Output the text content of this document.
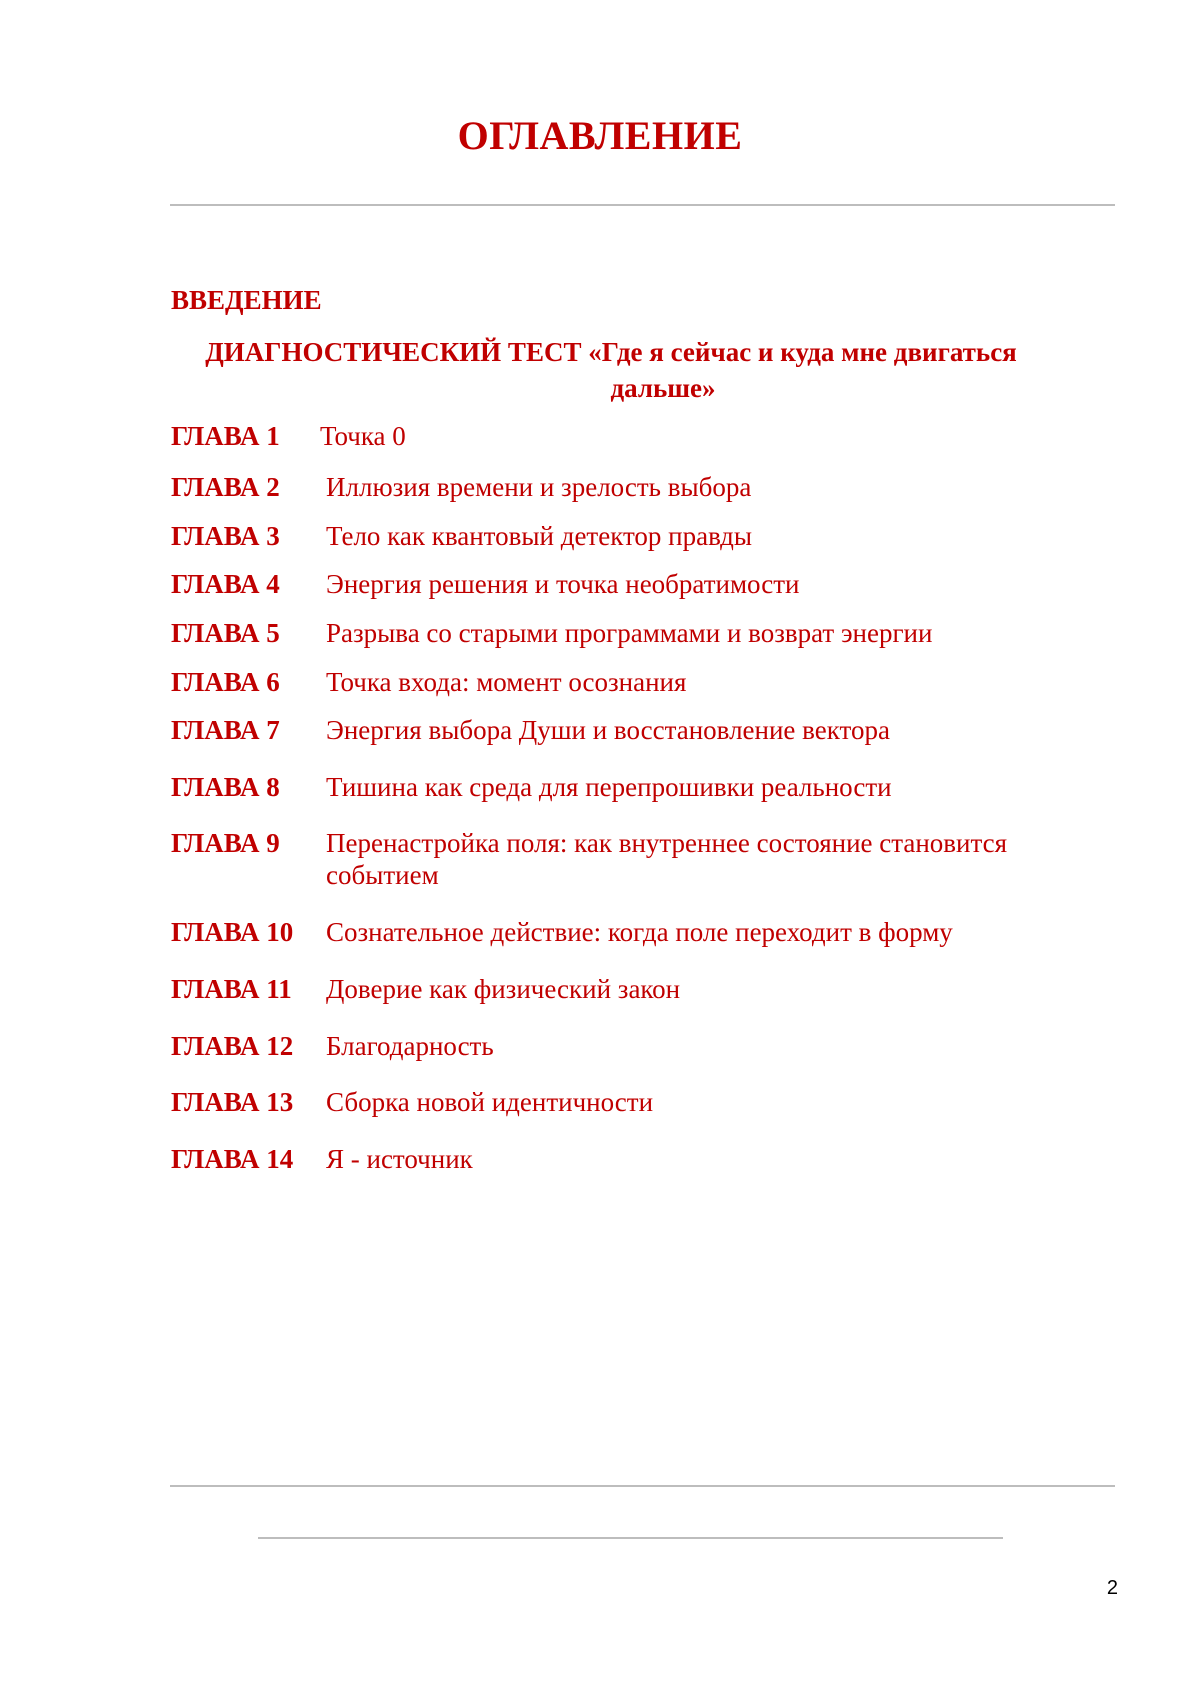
ОГЛАВЛЕНИЕ
ВВЕДЕНИЕ
ДИАГНОСТИЧЕСКИЙ ТЕСТ «Где я сейчас и куда мне двигаться
дальше»
ГЛАВА 1 Точка 0
ГЛАВА 2 Иллюзия времени и зрелость выбора
ГЛАВА 3 Тело как квантовый детектор правды
ГЛАВА 4 Энергия решения и точка необратимости
ГЛАВА 5 Разрыва со старыми программами и возврат энергии
ГЛАВА 6 Точка входа: момент осознания
ГЛАВА 7 Энергия выбора Души и восстановление вектора
ГЛАВА 8 Тишина как среда для перепрошивки реальности
ГЛАВА 9 Перенастройка поля: как внутреннее состояние становится событием
ГЛАВА 10 Сознательное действие: когда поле переходит в форму
ГЛАВА 11 Доверие как физический закон
ГЛАВА 12 Благодарность
ГЛАВА 13 Сборка новой идентичности
ГЛАВА 14 Я - источник
2
